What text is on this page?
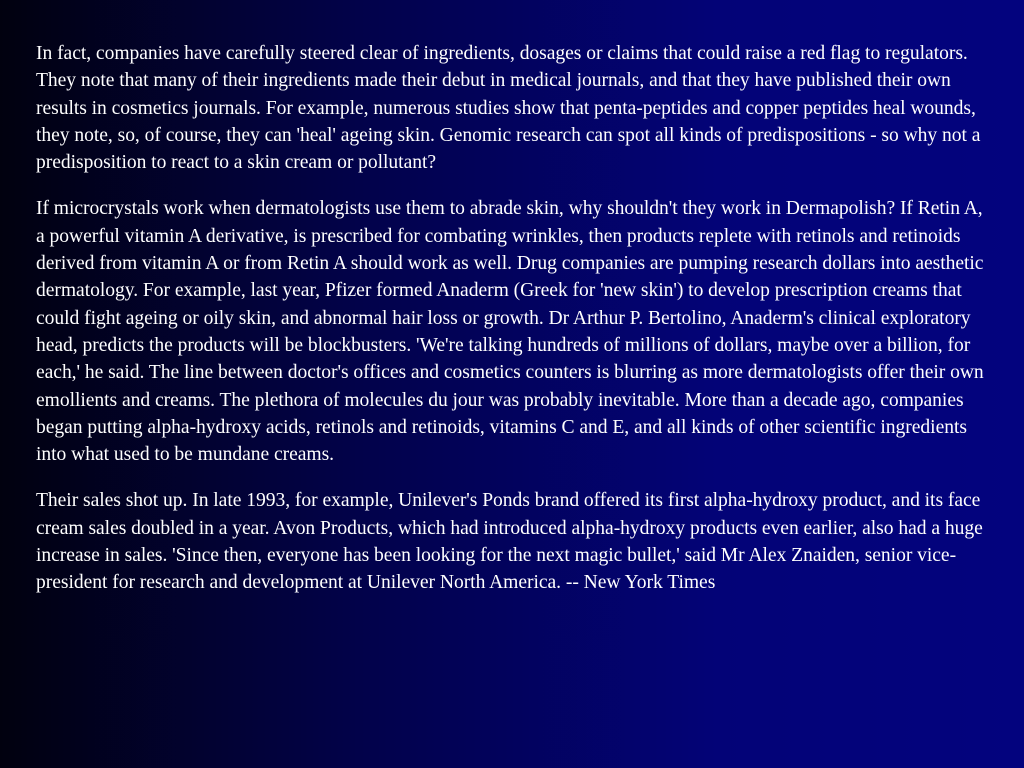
In fact, companies have carefully steered clear of ingredients, dosages or claims that could raise a red flag to regulators. They note that many of their ingredients made their debut in medical journals, and that they have published their own results in cosmetics journals. For example, numerous studies show that penta-peptides and copper peptides heal wounds, they note, so, of course, they can 'heal' ageing skin. Genomic research can spot all kinds of predispositions - so why not a predisposition to react to a skin cream or pollutant?

If microcrystals work when dermatologists use them to abrade skin, why shouldn't they work in Dermapolish? If Retin A, a powerful vitamin A derivative, is prescribed for combating wrinkles, then products replete with retinols and retinoids derived from vitamin A or from Retin A should work as well. Drug companies are pumping research dollars into aesthetic dermatology. For example, last year, Pfizer formed Anaderm (Greek for 'new skin') to develop prescription creams that could fight ageing or oily skin, and abnormal hair loss or growth. Dr Arthur P. Bertolino, Anaderm's clinical exploratory head, predicts the products will be blockbusters. 'We're talking hundreds of millions of dollars, maybe over a billion, for each,' he said. The line between doctor's offices and cosmetics counters is blurring as more dermatologists offer their own emollients and creams. The plethora of molecules du jour was probably inevitable. More than a decade ago, companies began putting alpha-hydroxy acids, retinols and retinoids, vitamins C and E, and all kinds of other scientific ingredients into what used to be mundane creams.

Their sales shot up. In late 1993, for example, Unilever's Ponds brand offered its first alpha-hydroxy product, and its face cream sales doubled in a year. Avon Products, which had introduced alpha-hydroxy products even earlier, also had a huge increase in sales. 'Since then, everyone has been looking for the next magic bullet,' said Mr Alex Znaiden, senior vice-president for research and development at Unilever North America. -- New York Times
